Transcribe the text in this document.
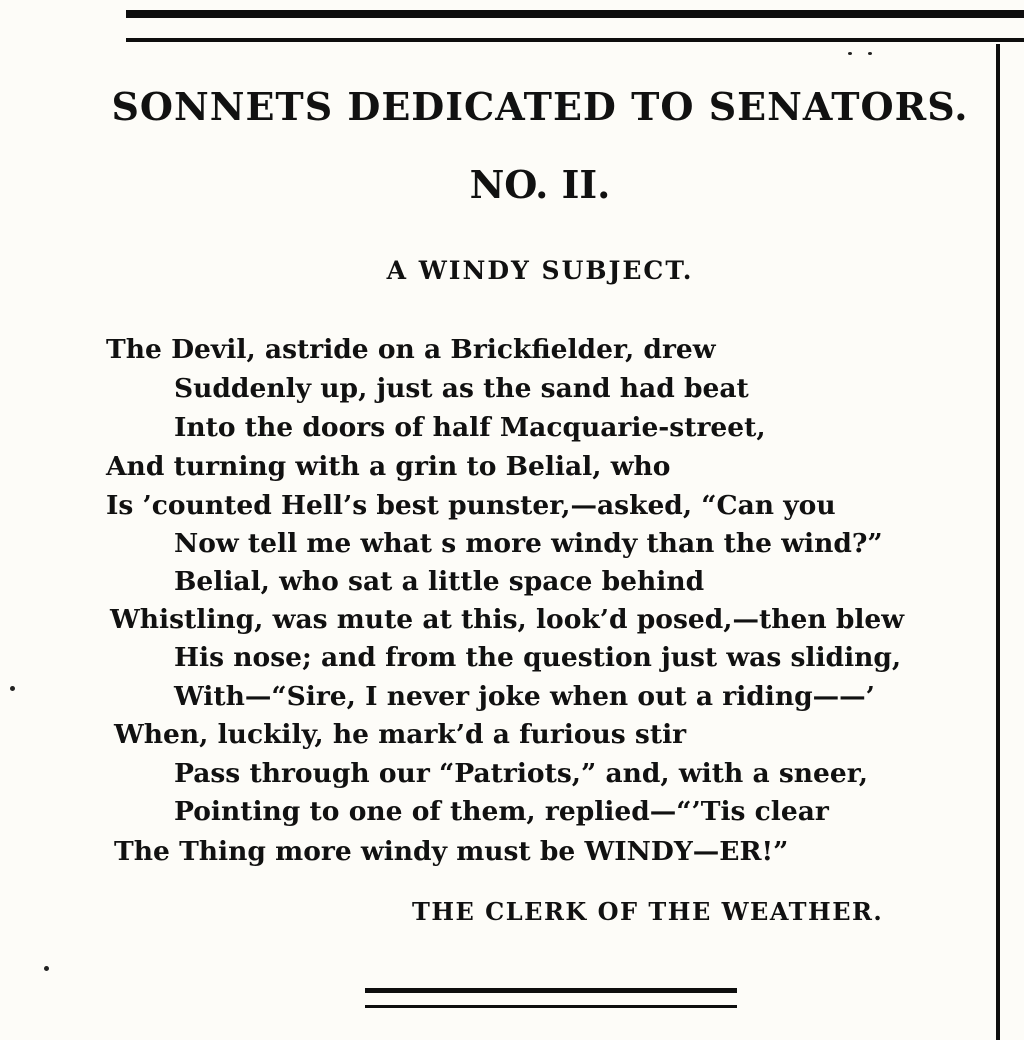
SONNETS DEDICATED TO SENATORS.
NO. II.
A WINDY SUBJECT.
The Devil, astride on a Brickfielder, drew
Suddenly up, just as the sand had beat
Into the doors of half Macquarie-street,
And turning with a grin to Belial, who
Is ’counted Hell’s best punster,—asked, “Can you
Now tell me what s more windy than the wind?”
Belial, who sat a little space behind
Whistling, was mute at this, look’d posed,—then blew
His nose; and from the question just was sliding,
With—“Sire, I never joke when out a riding——’
When, luckily, he mark’d a furious stir
Pass through our “Patriots,” and, with a sneer,
Pointing to one of them, replied—“’Tis clear
The Thing more windy must be WINDY—ER!”
THE CLERK OF THE WEATHER.
